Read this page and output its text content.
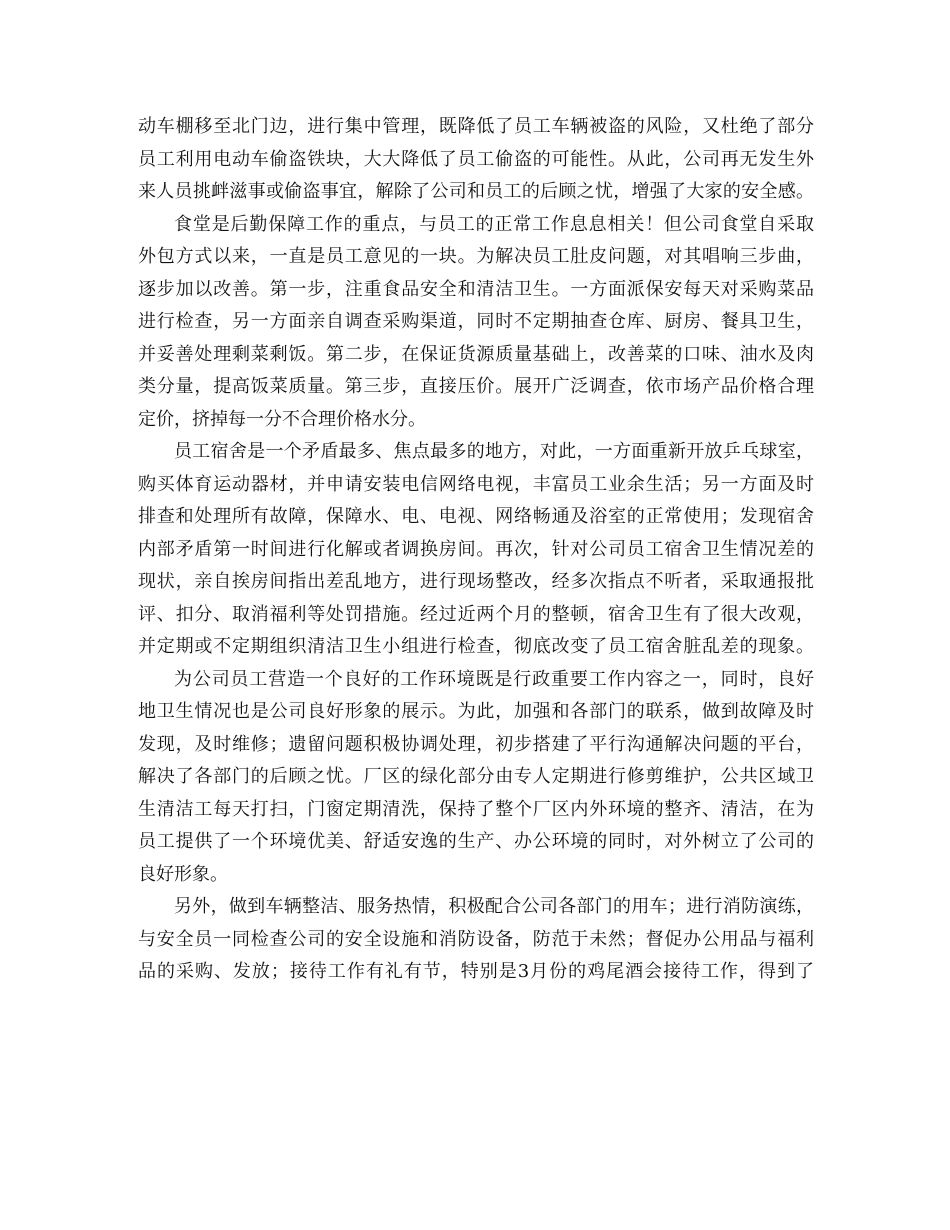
动车棚移至北门边，进行集中管理，既降低了员工车辆被盗的风险，又杜绝了部分
员工利用电动车偷盗铁块，大大降低了员工偷盗的可能性。从此，公司再无发生外
来人员挑衅滋事或偷盗事宜，解除了公司和员工的后顾之忧，增强了大家的安全感。
食堂是后勤保障工作的重点，与员工的正常工作息息相关！但公司食堂自采取
外包方式以来，一直是员工意见的一块。为解决员工肚皮问题，对其唱响三步曲，
逐步加以改善。第一步，注重食品安全和清洁卫生。一方面派保安每天对采购菜品
进行检查，另一方面亲自调查采购渠道，同时不定期抽查仓库、厨房、餐具卫生，
并妥善处理剩菜剩饭。第二步，在保证货源质量基础上，改善菜的口味、油水及肉
类分量，提高饭菜质量。第三步，直接压价。展开广泛调查，依市场产品价格合理
定价，挤掉每一分不合理价格水分。
员工宿舍是一个矛盾最多、焦点最多的地方，对此，一方面重新开放乒乓球室，
购买体育运动器材，并申请安装电信网络电视，丰富员工业余生活；另一方面及时
排查和处理所有故障，保障水、电、电视、网络畅通及浴室的正常使用；发现宿舍
内部矛盾第一时间进行化解或者调换房间。再次，针对公司员工宿舍卫生情况差的
现状，亲自挨房间指出差乱地方，进行现场整改，经多次指点不听者，采取通报批
评、扣分、取消福利等处罚措施。经过近两个月的整顿，宿舍卫生有了很大改观，
并定期或不定期组织清洁卫生小组进行检查，彻底改变了员工宿舍脏乱差的现象。
为公司员工营造一个良好的工作环境既是行政重要工作内容之一，同时，良好
地卫生情况也是公司良好形象的展示。为此，加强和各部门的联系，做到故障及时
发现，及时维修；遗留问题积极协调处理，初步搭建了平行沟通解决问题的平台，
解决了各部门的后顾之忧。厂区的绿化部分由专人定期进行修剪维护，公共区域卫
生清洁工每天打扫，门窗定期清洗，保持了整个厂区内外环境的整齐、清洁，在为
员工提供了一个环境优美、舒适安逸的生产、办公环境的同时，对外树立了公司的
良好形象。
另外，做到车辆整洁、服务热情，积极配合公司各部门的用车；进行消防演练，
与安全员一同检查公司的安全设施和消防设备，防范于未然；督促办公用品与福利
品的采购、发放；接待工作有礼有节，特别是3月份的鸡尾酒会接待工作，得到了
